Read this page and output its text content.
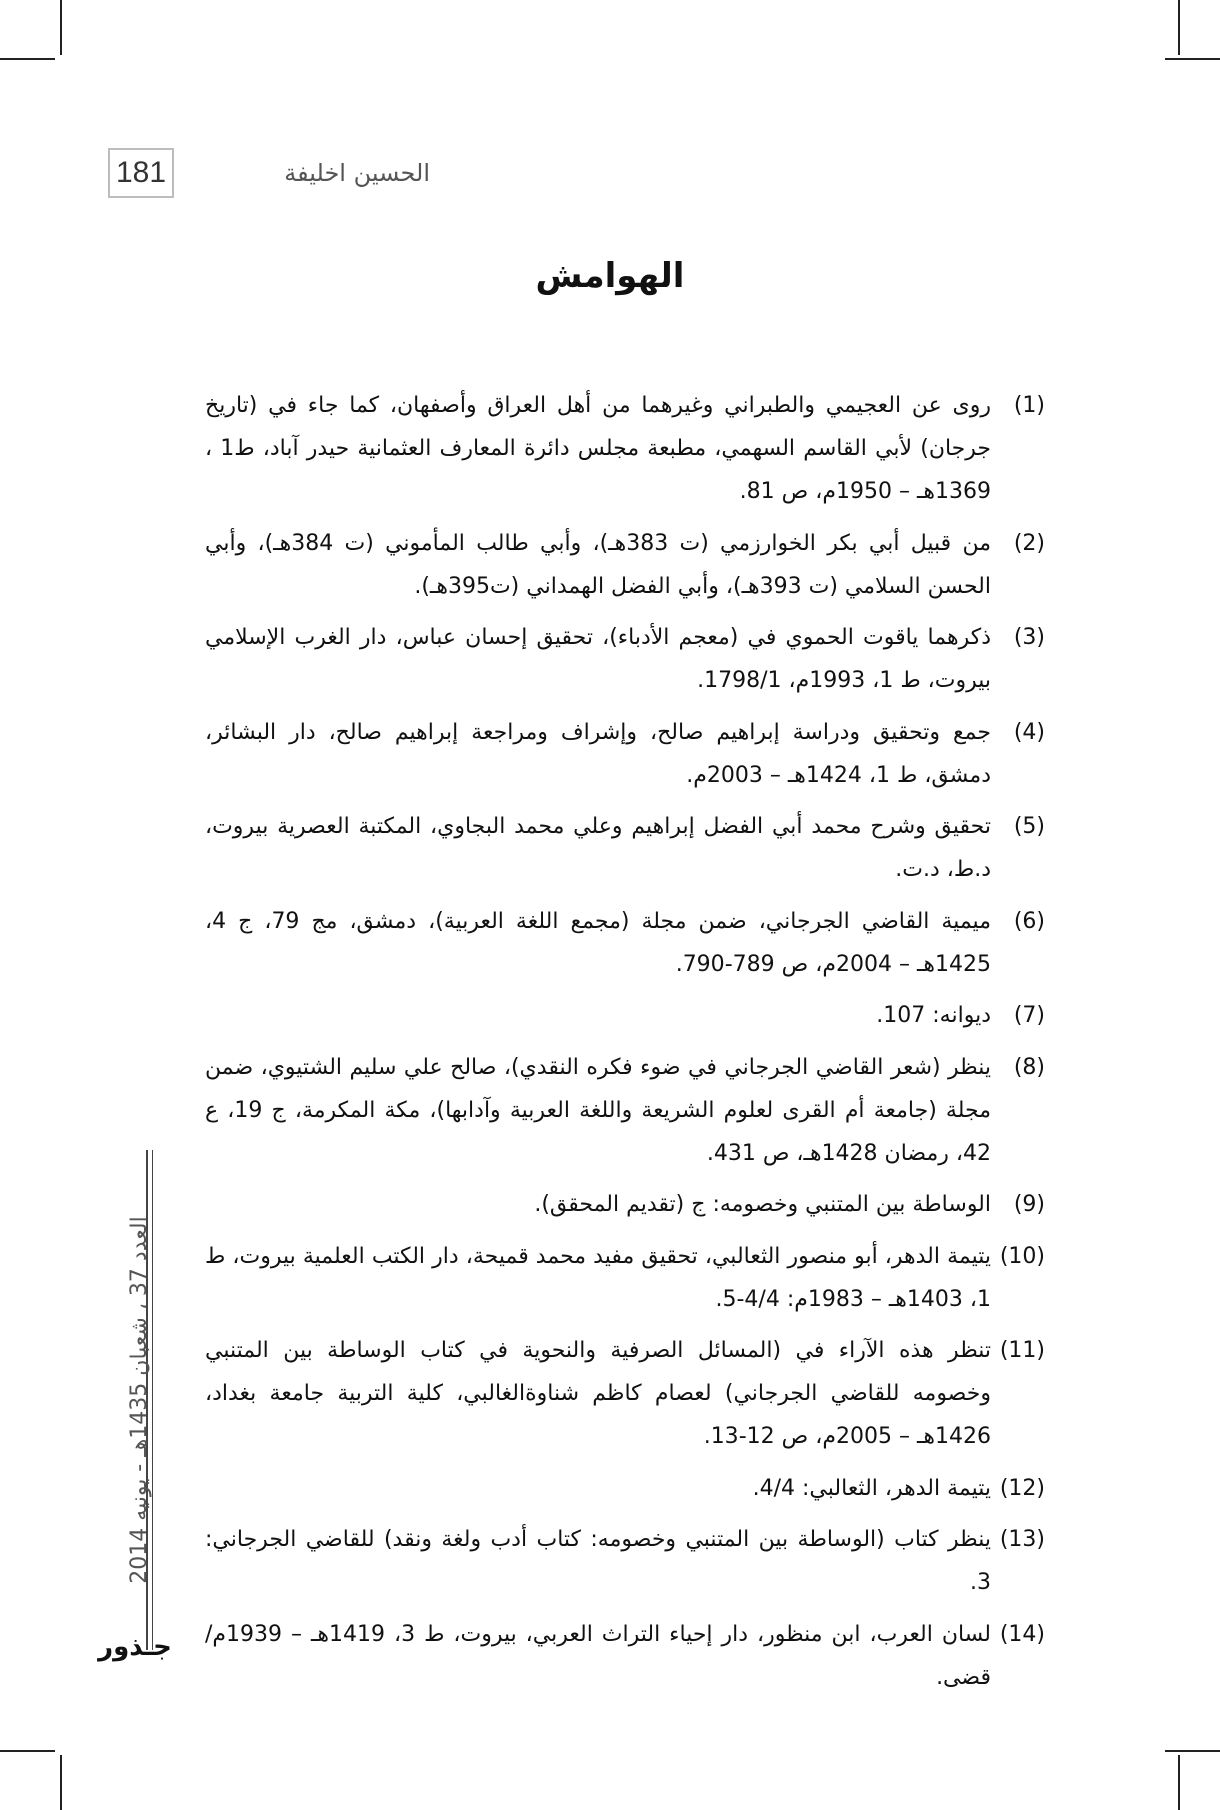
181	الحسين اخليفة
الهوامش
(1)
روى عن العجيمي والطبراني وغيرهما من أهل العراق وأصفهان، كما جاء في (تاريخ جرجان) لأبي القاسم السهمي، مطبعة مجلس دائرة المعارف العثمانية حيدر آباد، ط1 ، 1369هـ – 1950م، ص 81.
(2)
من قبيل أبي بكر الخوارزمي (ت 383هـ)، وأبي طالب المأموني (ت 384هـ)، وأبي الحسن السلامي (ت 393هـ)، وأبي الفضل الهمداني (ت395هـ).
(3)
ذكرهما ياقوت الحموي في (معجم الأدباء)، تحقيق إحسان عباس، دار الغرب الإسلامي بيروت، ط 1، 1993م، 1798/1.
(4)
جمع وتحقيق ودراسة إبراهيم صالح، وإشراف ومراجعة إبراهيم صالح، دار البشائر، دمشق، ط 1، 1424هـ – 2003م.
(5)
تحقيق وشرح محمد أبي الفضل إبراهيم وعلي محمد البجاوي، المكتبة العصرية بيروت، د.ط، د.ت.
(6)
ميمية القاضي الجرجاني، ضمن مجلة (مجمع اللغة العربية)، دمشق، مج 79، ج 4، 1425هـ – 2004م، ص 789-790.
(7)
ديوانه: 107.
(8)
ينظر (شعر القاضي الجرجاني في ضوء فكره النقدي)، صالح علي سليم الشتيوي، ضمن مجلة (جامعة أم القرى لعلوم الشريعة واللغة العربية وآدابها)، مكة المكرمة، ج 19، ع 42، رمضان 1428هـ، ص 431.
(9)
الوساطة بين المتنبي وخصومه: ج (تقديم المحقق).
(10)
يتيمة الدهر، أبو منصور الثعالبي، تحقيق مفيد محمد قميحة، دار الكتب العلمية بيروت، ط 1، 1403هـ – 1983م: 4/4-5.
(11)
تنظر هذه الآراء في (المسائل الصرفية والنحوية في كتاب الوساطة بين المتنبي وخصومه للقاضي الجرجاني) لعصام كاظم شناوةالغالبي، كلية التربية جامعة بغداد، 1426هـ – 2005م، ص 12-13.
(12)
يتيمة الدهر، الثعالبي: 4/4.
(13)
ينظر كتاب (الوساطة بين المتنبي وخصومه: كتاب أدب ولغة ونقد) للقاضي الجرجاني: 3.
(14)
لسان العرب، ابن منظور، دار إحياء التراث العربي، بيروت، ط 3، 1419هـ – 1939م/ قضى.
العدد 37 ، شعبان 1435هـ - يونيه 2014
جـذور
